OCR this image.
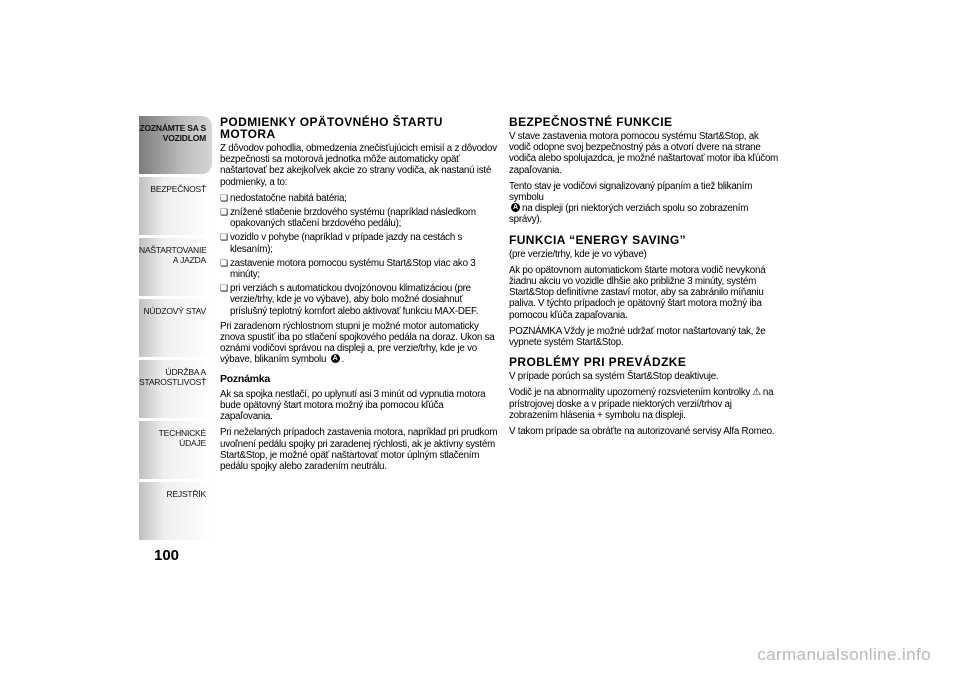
ZOZNÁMTE SA S VOZIDLOM
BEZPEČNOSŤ
NAŠTARTOVANIE A JAZDA
NÚDZOVÝ STAV
ÚDRŽBA A STAROSTLIVOSŤ
TECHNICKÉ ÚDAJE
REJSTŘÍK
100
PODMIENKY OPÄTOVNÉHO ŠTARTU MOTORA

Z dôvodov pohodlia, obmedzenia znečisťujúcich emisií a z dôvodov bezpečnosti sa motorová jednotka môže automaticky opäť naštartovať bez akejkoľvek akcie zo strany vodiča, ak nastanú isté podmienky, a to:

❏ nedostatočne nabitá batéria;
❏ znížené stlačenie brzdového systému (napríklad následkom opakovaných stlačení brzdového pedálu);
❏ vozidlo v pohybe (napríklad v prípade jazdy na cestách s klesaním);
❏ zastavenie motora pomocou systému Start&Stop viac ako 3 minúty;
❏ pri verziách s automatickou dvojzónovou klimatizáciou (pre verzie/trhy, kde je vo výbave), aby bolo možné dosiahnuť príslušný teplotný komfort alebo aktivovať funkciu MAX-DEF.

Pri zaradenom rýchlostnom stupni je možné motor automaticky znova spustiť iba po stlačení spojkového pedála na doraz. Ukon sa oznámi vodičovi správou na displeji a, pre verzie/trhy, kde je vo výbave, blikaním symbolu A .

Poznámka

Ak sa spojka nestlačí, po uplynutí asi 3 minút od vypnutia motora bude opätovný štart motora možný iba pomocou kľúča zapaľovania.

Pri neželaných prípadoch zastavenia motora, napríklad pri prudkom uvoľnení pedálu spojky pri zaradenej rýchlosti, ak je aktívny systém Start&Stop, je možné opäť naštartovať motor úplným stlačením pedálu spojky alebo zaradením neutrálu.

BEZPEČNOSTNÉ FUNKCIE

V stave zastavenia motora pomocou systému Start&Stop, ak vodič odopne svoj bezpečnostný pás a otvorí dvere na strane vodiča alebo spolujazdca, je možné naštartovať motor iba kľúčom zapaľovania.

Tento stav je vodičovi signalizovaný pípaním a tiež blikaním symbolu
Ana displeji (pri niektorých verziách spolu so zobrazením správy).

FUNKCIA “ENERGY SAVING”
(pre verzie/trhy, kde je vo výbave)

Ak po opätovnom automatickom štarte motora vodič nevykoná žiadnu akciu vo vozidle dlhšie ako približne 3 minúty, systém Start&Stop definitívne zastaví motor, aby sa zabránilo míňaniu paliva. V týchto prípadoch je opätovný štart motora možný iba pomocou kľúča zapaľovania.

POZNÁMKA Vždy je možné udržať motor naštartovaný tak, že vypnete systém Start&Stop.

PROBLÉMY PRI PREVÁDZKE

V prípade porúch sa systém Štart&Stop deaktivuje.

Vodič je na abnormality upozornený rozsvietením kontrolky ⚠ na prístrojovej doske a v prípade niektorých verzií/trhov aj zobrazením hlásenia + symbolu na displeji.

V takom prípade sa obráťte na autorizované servisy Alfa Romeo.

carmanualsonline.info
